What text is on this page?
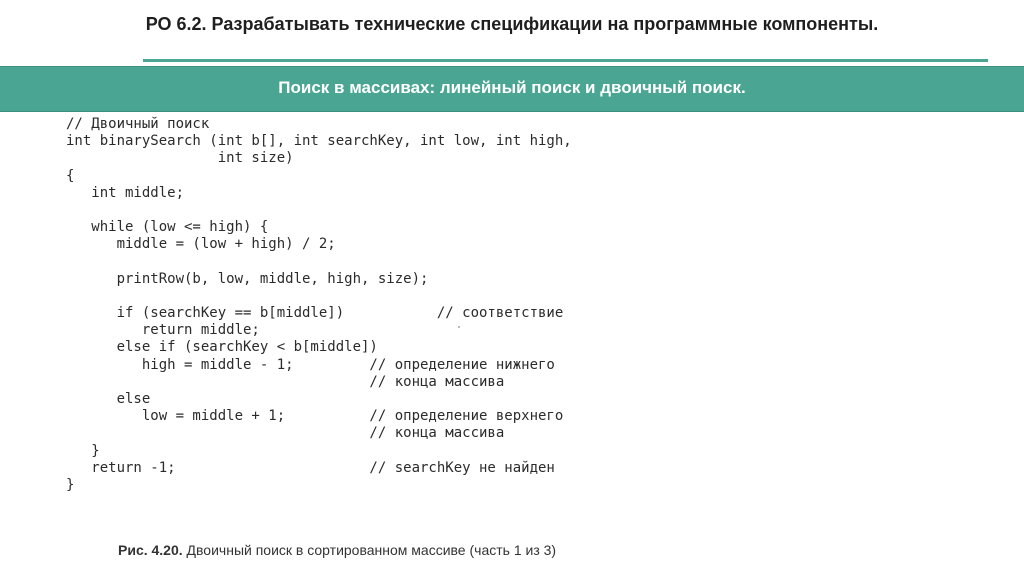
РО 6.2. Разрабатывать технические спецификации на программные компоненты.
Поиск в массивах: линейный поиск и двоичный поиск.
// Двоичный поиск
int binarySearch (int b[], int searchKey, int low, int high,
int size)
{
int middle;
while (low <= high) {
middle = (low + high) / 2;
printRow(b, low, middle, high, size);
if (searchKey == b[middle])           // соответствие
return middle;
else if (searchKey < b[middle])
high = middle - 1;         // определение нижнего
// конца массива
else
low = middle + 1;          // определение верхнего
// конца массива
}
return -1;                       // searchKey не найден
}
Рис. 4.20. Двоичный поиск в сортированном массиве (часть 1 из 3)
